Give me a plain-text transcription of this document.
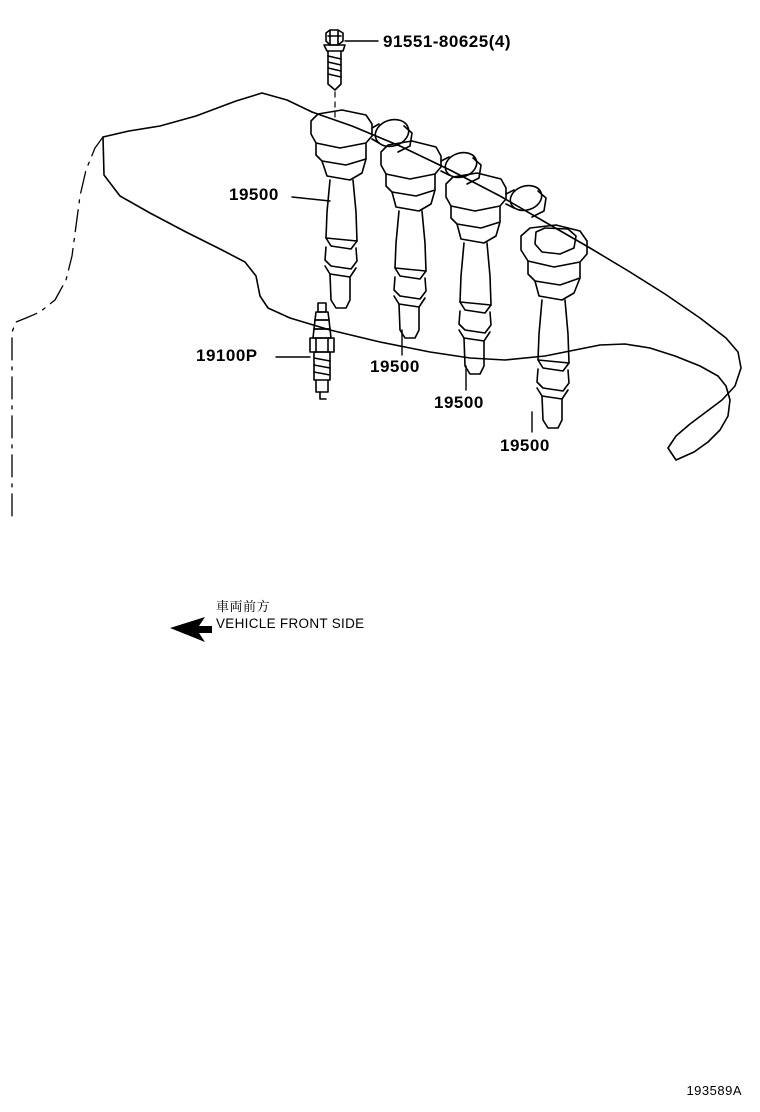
91551-80625(4)
19500
19100P
19500
19500
19500
車両前方
VEHICLE FRONT SIDE
193589A
